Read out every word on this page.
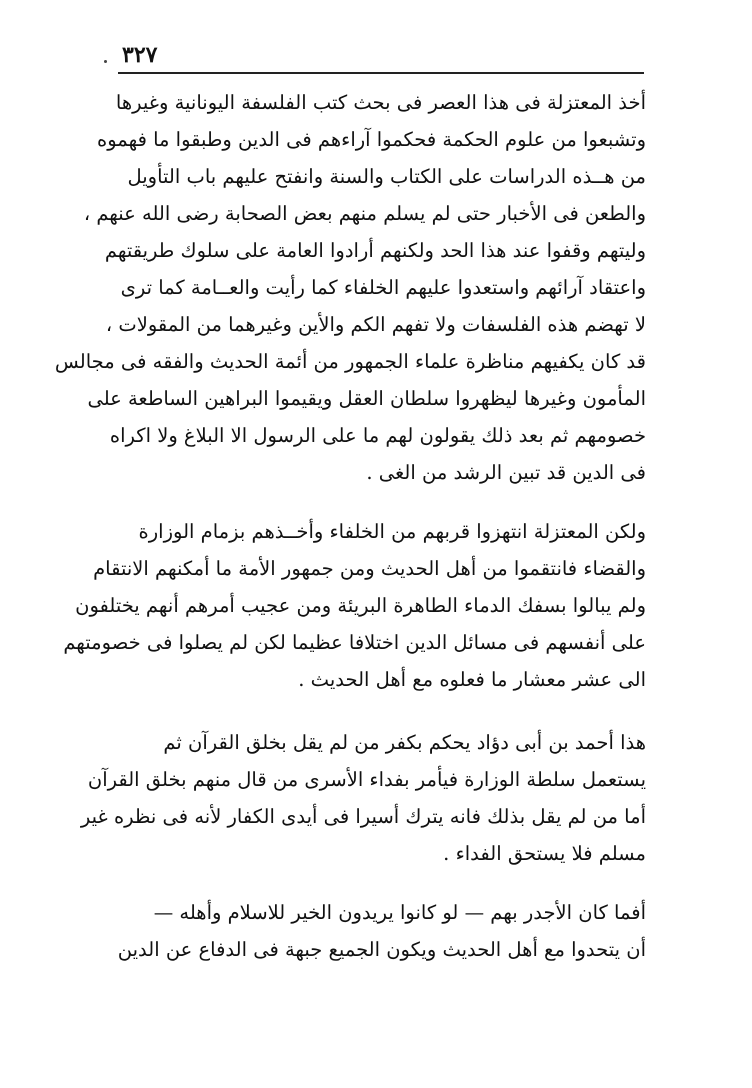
٣٢٧
أخذ المعتزلة فى هذا العصر فى بحث كتب الفلسفة اليونانية وغيرها
وتشبعوا من علوم الحكمة فحكموا آراءهم فى الدين وطبقوا ما فهموه
من هــذه الدراسات على الكتاب والسنة وانفتح عليهم باب التأويل
والطعن فى الأخبار حتى لم يسلم منهم بعض الصحابة رضى الله عنهم ،
وليتهم وقفوا عند هذا الحد ولكنهم أرادوا العامة على سلوك طريقتهم
واعتقاد آرائهم واستعدوا عليهم الخلفاء كما رأيت والعــامة كما ترى
لا تهضم هذه الفلسفات ولا تفهم الكم والأين وغيرهما من المقولات ،
قد كان يكفيهم مناظرة علماء الجمهور من أئمة الحديث والفقه فى مجالس
المأمون وغيرها ليظهروا سلطان العقل ويقيموا البراهين الساطعة على
خصومهم ثم بعد ذلك يقولون لهم ما على الرسول الا البلاغ ولا اكراه
فى الدين قد تبين الرشد من الغى .
ولكن المعتزلة انتهزوا قربهم من الخلفاء وأخــذهم بزمام الوزارة
والقضاء فانتقموا من أهل الحديث ومن جمهور الأمة ما أمكنهم الانتقام
ولم يبالوا بسفك الدماء الطاهرة البريئة ومن عجيب أمرهم أنهم يختلفون
على أنفسهم فى مسائل الدين اختلافا عظيما لكن لم يصلوا فى خصومتهم
الى عشر معشار ما فعلوه مع أهل الحديث .
هذا أحمد بن أبى دؤاد يحكم بكفر من لم يقل بخلق القرآن ثم
يستعمل سلطة الوزارة فيأمر بفداء الأسرى من قال منهم بخلق القرآن
أما من لم يقل بذلك فانه يترك أسيرا فى أيدى الكفار لأنه فى نظره غير
مسلم فلا يستحق الفداء .
أفما كان الأجدر بهم — لو كانوا يريدون الخير للاسلام وأهله —
أن يتحدوا مع أهل الحديث ويكون الجميع جبهة فى الدفاع عن الدين
